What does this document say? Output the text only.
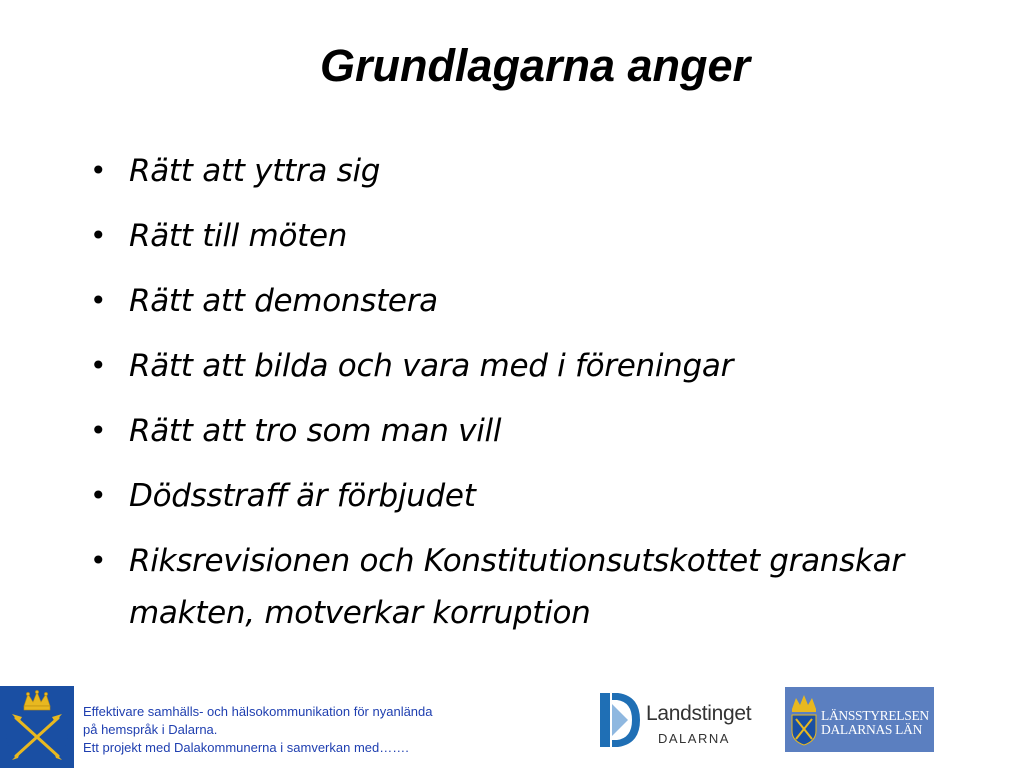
Grundlagarna anger
• Rätt att yttra sig
• Rätt till möten
• Rätt att demonstera
• Rätt att bilda och vara med i föreningar
• Rätt att tro som man vill
• Dödsstraff är förbjudet
• Riksrevisionen och Konstitutionsutskottet granskar makten, motverkar korruption
Effektivare samhälls- och hälsokommunikation för nyanlända
på hemspråk i Dalarna.
Ett projekt med Dalakommunerna i samverkan med…….
Landstinget
DALARNA
LÄNSSTYRELSEN
DALARNAS LÄN
